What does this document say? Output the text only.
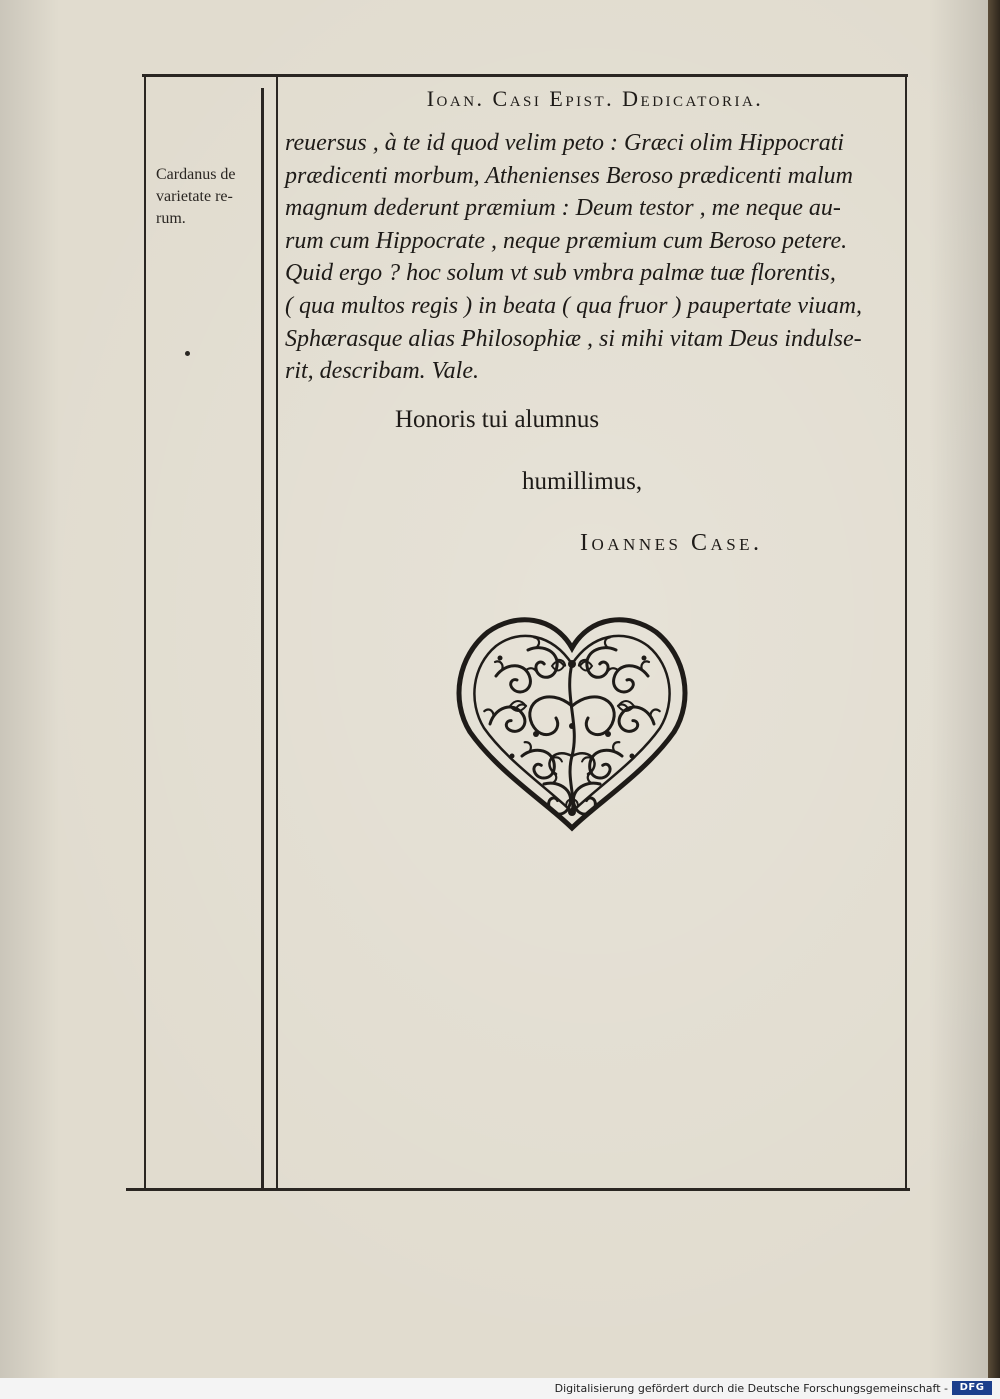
Ioan. Casi Epist. Dedicatoria.
Cardanus de
varietate re-
rum.
reuersus , à te id quod velim peto : Græci olim Hippocrati
prædicenti morbum, Athenienses Beroso prædicenti malum
magnum dederunt præmium : Deum testor , me neque au-
rum cum Hippocrate , neque præmium cum Beroso petere.
Quid ergo ? hoc solum vt sub vmbra palmæ tuæ florentis,
( qua multos regis ) in beata ( qua fruor ) paupertate viuam,
Sphærasque alias Philosophiæ , si mihi vitam Deus indulse-
rit, describam. Vale.
Honoris tui alumnus
humillimus,
Ioannes Case.
Digitalisierung gefördert durch die Deutsche Forschungsgemeinschaft -	DFG
